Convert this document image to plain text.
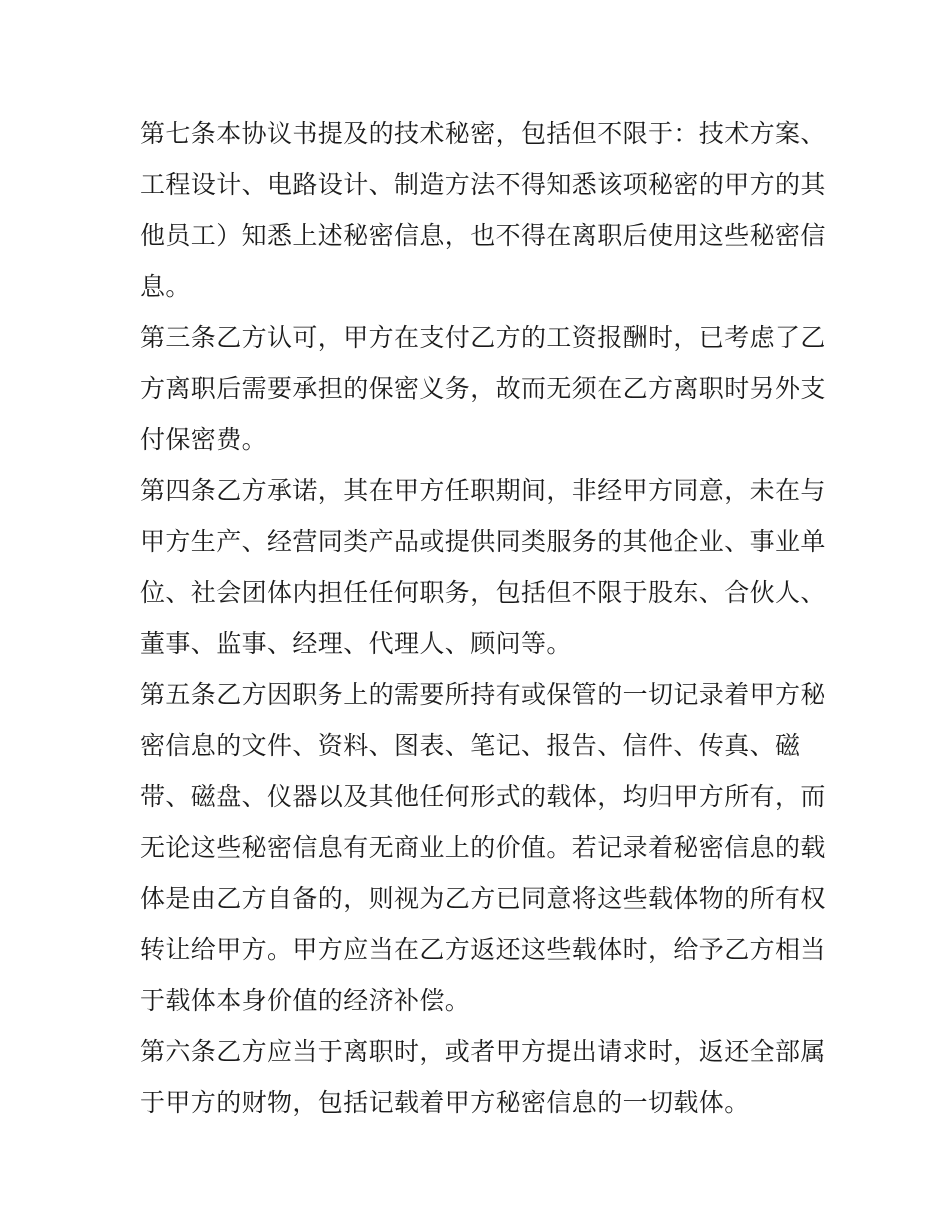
第七条本协议书提及的技术秘密，包括但不限于：技术方案、
工程设计、电路设计、制造方法不得知悉该项秘密的甲方的其
他员工）知悉上述秘密信息，也不得在离职后使用这些秘密信
息。
第三条乙方认可，甲方在支付乙方的工资报酬时，已考虑了乙
方离职后需要承担的保密义务，故而无须在乙方离职时另外支
付保密费。
第四条乙方承诺，其在甲方任职期间，非经甲方同意，未在与
甲方生产、经营同类产品或提供同类服务的其他企业、事业单
位、社会团体内担任任何职务，包括但不限于股东、合伙人、
董事、监事、经理、代理人、顾问等。
第五条乙方因职务上的需要所持有或保管的一切记录着甲方秘
密信息的文件、资料、图表、笔记、报告、信件、传真、磁
带、磁盘、仪器以及其他任何形式的载体，均归甲方所有，而
无论这些秘密信息有无商业上的价值。若记录着秘密信息的载
体是由乙方自备的，则视为乙方已同意将这些载体物的所有权
转让给甲方。甲方应当在乙方返还这些载体时，给予乙方相当
于载体本身价值的经济补偿。
第六条乙方应当于离职时，或者甲方提出请求时，返还全部属
于甲方的财物，包括记载着甲方秘密信息的一切载体。
